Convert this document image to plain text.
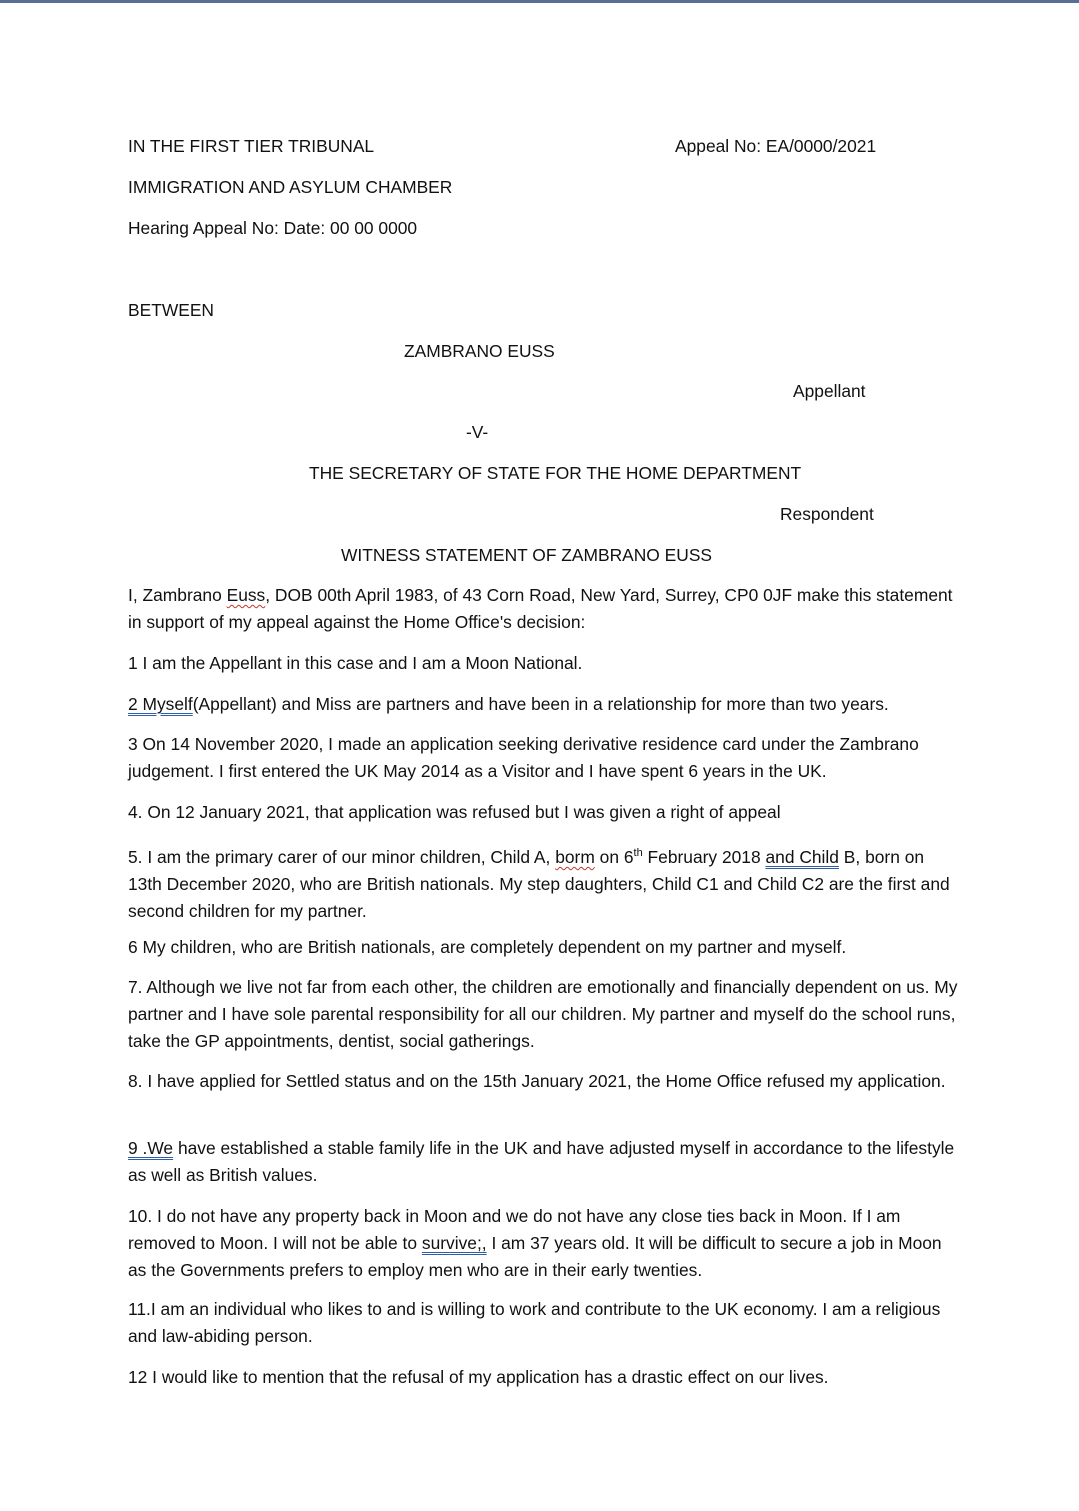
IN THE FIRST TIER TRIBUNAL	Appeal No: EA/0000/2021
IMMIGRATION AND ASYLUM CHAMBER
Hearing Appeal No: Date: 00 00 0000
BETWEEN
ZAMBRANO EUSS
Appellant
-V-
THE SECRETARY OF STATE FOR THE HOME DEPARTMENT
Respondent
WITNESS STATEMENT OF ZAMBRANO EUSS
I, Zambrano Euss, DOB 00th April 1983, of 43 Corn Road, New Yard, Surrey, CP0 0JF make this statement in support of my appeal against the Home Office's decision:
1 I am the Appellant in this case and I am a Moon National.
2 Myself(Appellant) and Miss are partners and have been in a relationship for more than two years.
3 On 14 November 2020, I made an application seeking derivative residence card under the Zambrano judgement. I first entered the UK May 2014 as a Visitor and I have spent 6 years in the UK.
4. On 12 January 2021, that application was refused but I was given a right of appeal
5. I am the primary carer of our minor children, Child A, borm on 6th February 2018 and Child B, born on 13th December 2020, who are British nationals. My step daughters, Child C1 and Child C2 are the first and second children for my partner.
6 My children, who are British nationals, are completely dependent on my partner and myself.
7. Although we live not far from each other, the children are emotionally and financially dependent on us. My partner and I have sole parental responsibility for all our children. My partner and myself do the school runs, take the GP appointments, dentist, social gatherings.
8. I have applied for Settled status and on the 15th January 2021, the Home Office refused my application.
9 .We have established a stable family life in the UK and have adjusted myself in accordance to the lifestyle as well as British values.
10. I do not have any property back in Moon and we do not have any close ties back in Moon. If I am removed to Moon. I will not be able to survive;, I am 37 years old. It will be difficult to secure a job in Moon as the Governments prefers to employ men who are in their early twenties.
11.I am an individual who likes to and is willing to work and contribute to the UK economy. I am a religious and law-abiding person.
12 I would like to mention that the refusal of my application has a drastic effect on our lives.
